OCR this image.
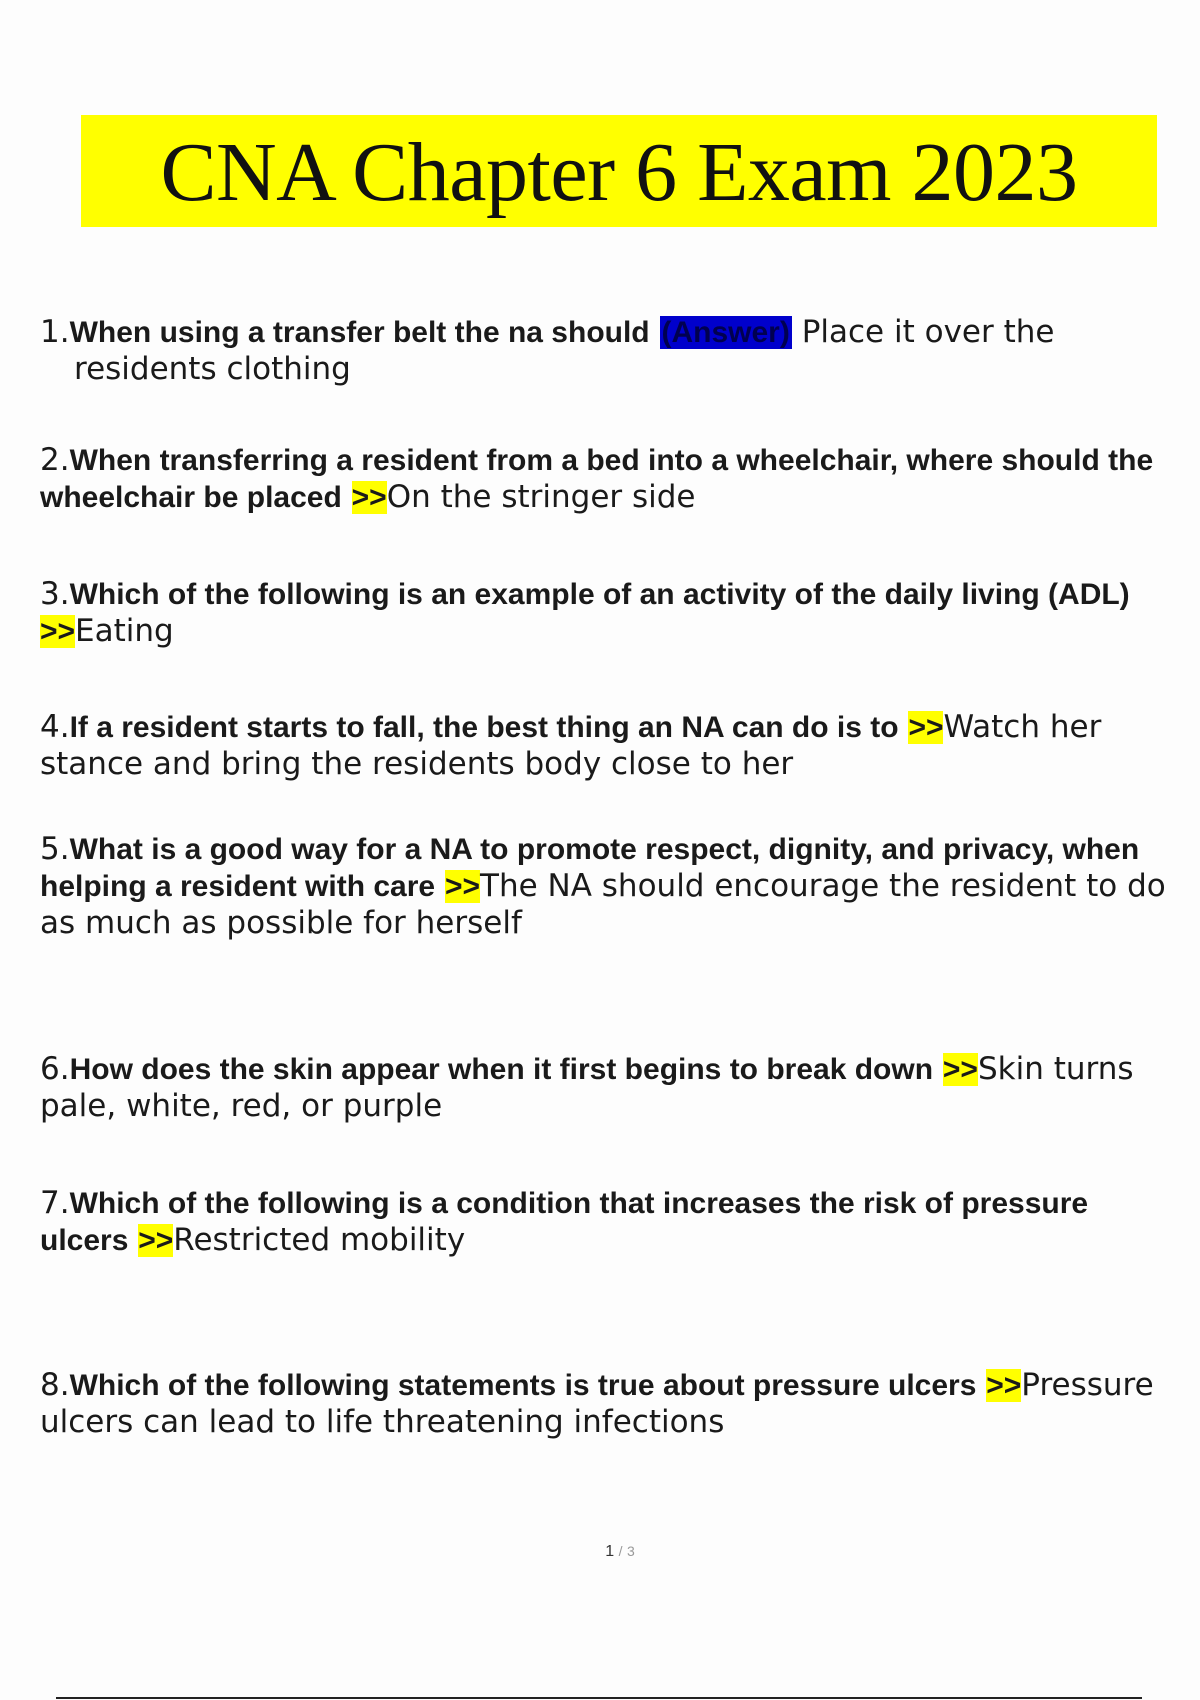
CNA Chapter 6 Exam 2023

1.When using a transfer belt the na should (Answer) Place it over the residents clothing

2.When transferring a resident from a bed into a wheelchair, where should the wheelchair be placed >>On the stringer side

3.Which of the following is an example of an activity of the daily living (ADL) >>Eating

4.If a resident starts to fall, the best thing an NA can do is to >>Watch her stance and bring the residents body close to her

5.What is a good way for a NA to promote respect, dignity, and privacy, when helping a resident with care >>The NA should encourage the resident to do as much as possible for herself

6.How does the skin appear when it first begins to break down >>Skin turns pale, white, red, or purple

7.Which of the following is a condition that increases the risk of pressure ulcers >>Restricted mobility

8.Which of the following statements is true about pressure ulcers >>Pressure ulcers can lead to life threatening infections

1 / 3
